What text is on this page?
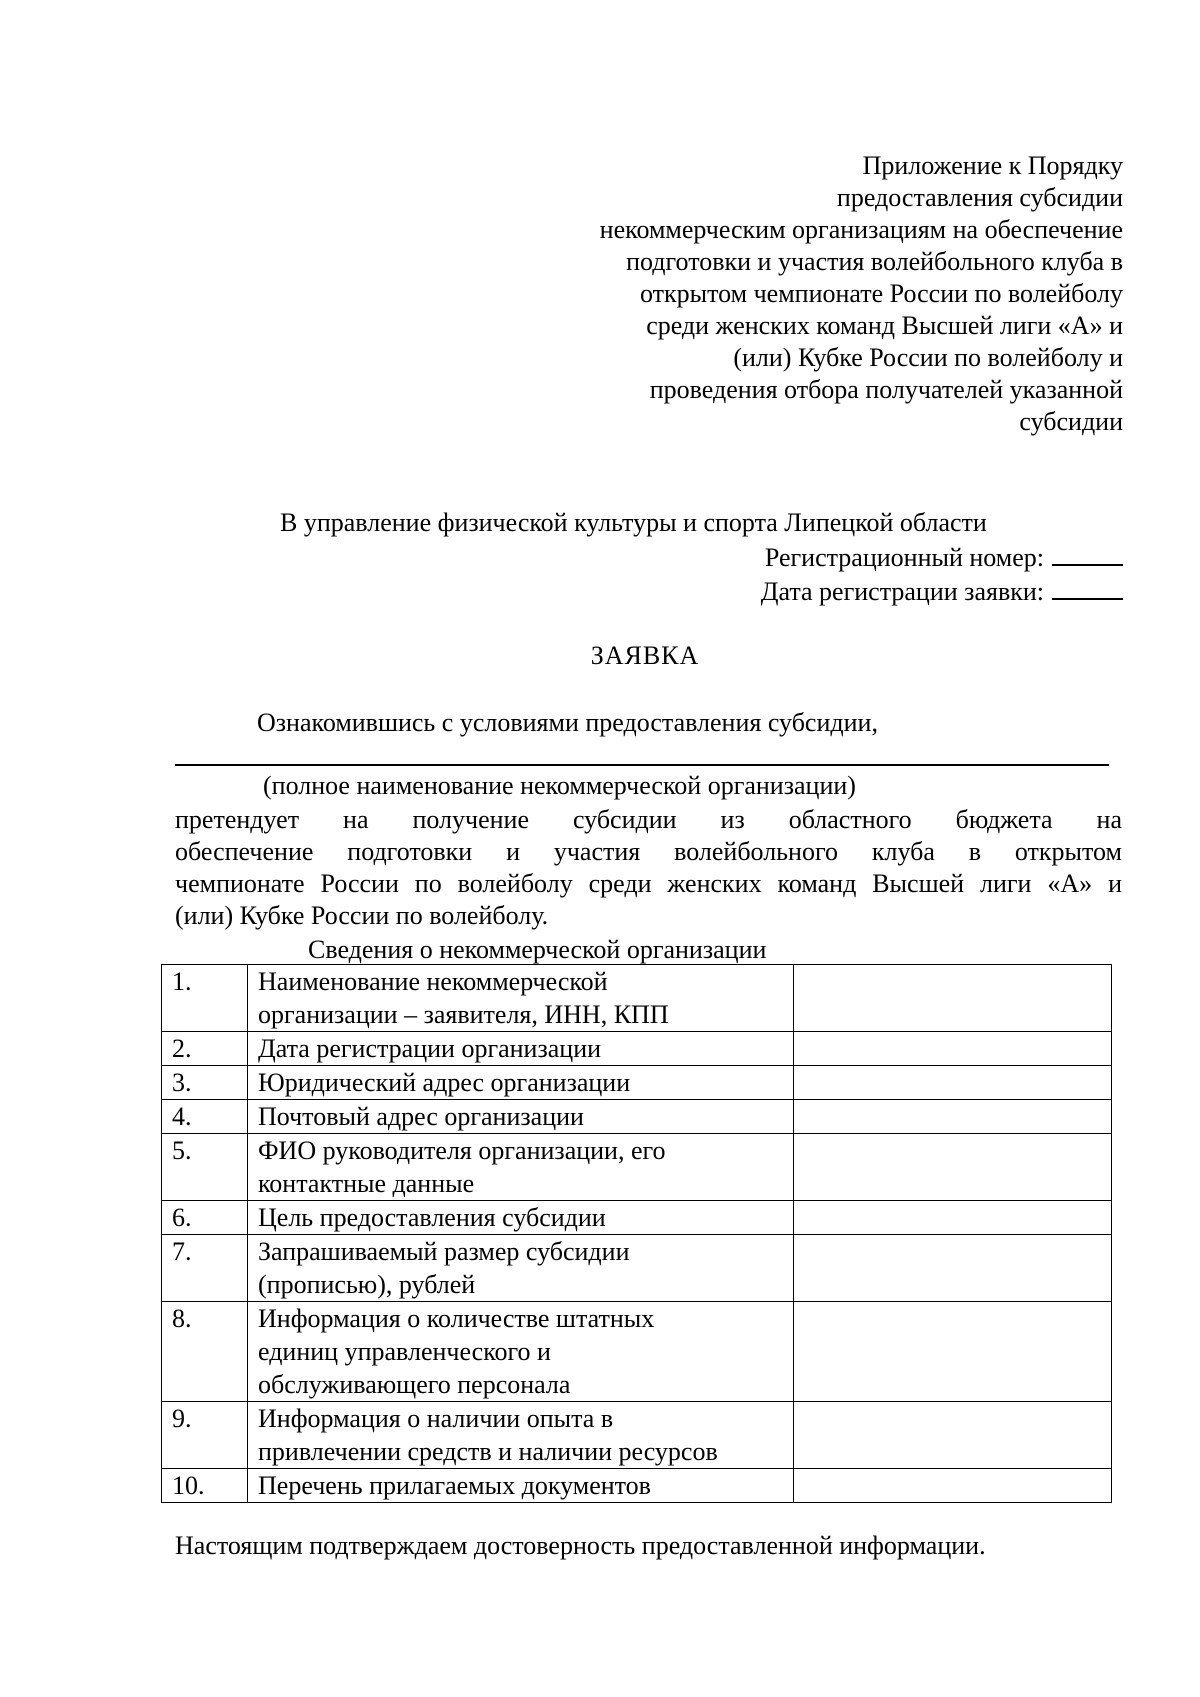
Приложение к Порядку
предоставления субсидии
некоммерческим организациям на обеспечение
подготовки и участия волейбольного клуба в
открытом чемпионате России по волейболу
среди женских команд Высшей лиги «А» и
(или) Кубке России по волейболу и
проведения отбора получателей указанной
субсидии
В управление физической культуры и спорта Липецкой области
Регистрационный номер:
Дата регистрации заявки:
ЗАЯВКА
Ознакомившись с условиями предоставления субсидии,
(полное наименование некоммерческой организации)
претендует на получение субсидии из областного бюджета на
обеспечение подготовки и участия волейбольного клуба в открытом
чемпионате России по волейболу среди женских команд Высшей лиги «А» и
(или) Кубке России по волейболу.
Сведения о некоммерческой организации
1.	Наименование некоммерческой
организации – заявителя, ИНН, КПП	

2.	Дата регистрации организации	

3.	Юридический адрес организации	

4.	Почтовый адрес организации	

5.	ФИО руководителя организации, его
контактные данные	

6.	Цель предоставления субсидии	

7.	Запрашиваемый размер субсидии
(прописью), рублей	

8.	Информация о количестве штатных
единиц управленческого и
обслуживающего персонала	

9.	Информация о наличии опыта в
привлечении средств и наличии ресурсов	

10.	Перечень прилагаемых документов	

Настоящим подтверждаем достоверность предоставленной информации.
